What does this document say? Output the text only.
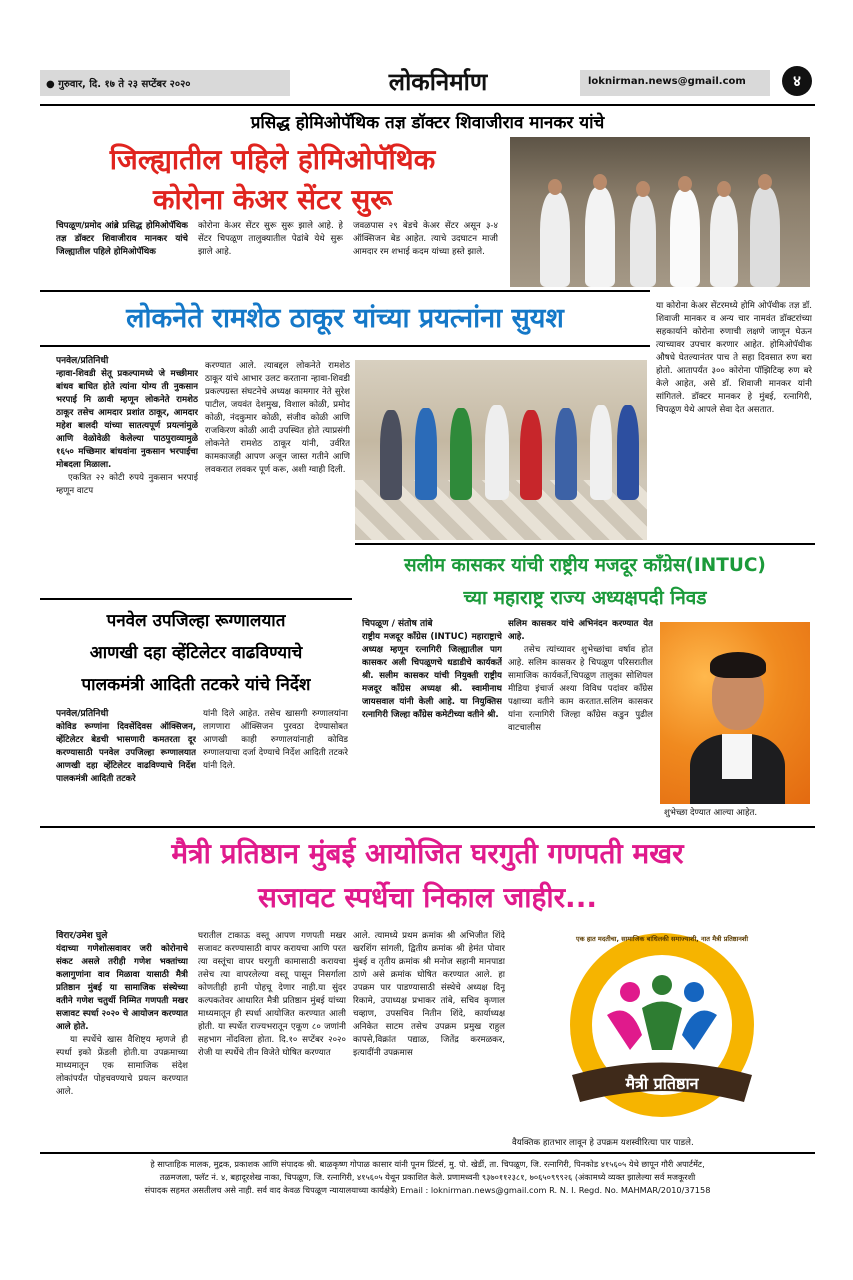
● गुरुवार, दि. १७ ते २३ सप्टेंबर २०२०	लोकनिर्माण	loknirman.news@gmail.com	४
प्रसिद्ध होमिओपॅथिक तज्ञ डॉक्टर शिवाजीराव मानकर यांचे
जिल्ह्यातील पहिले होमिओपॅथिक
कोरोना केअर सेंटर सुरू
चिपळूण/प्रमोद आंब्रे प्रसिद्ध होमिओपॅथिक तज्ञ डॉक्टर शिवाजीराव मानकर यांचे जिल्ह्यातील पहिले होमिओपॅथिक
कोरोना केअर सेंटर सुरू सुरू झाले आहे. हे सेंटर चिपळूण तालुक्यातील पेढांबे येथे सुरू झाले आहे.
जवळपास २९ बेडचे केअर सेंटर असून ३-४ ऑक्सिजन बेड आहेत. त्याचे उदघाटन माजी आमदार रम शभाई कदम यांच्या हस्ते झाले.
या कोरोना केअर सेंटरमध्ये होमि ओपॅथीक तज्ञ डॉ. शिवाजी मानकर व अन्य चार नामवंत डॉक्टरांच्या सहकार्याने कोरोना रुणाची लक्षणे जाणून घेऊन त्याच्यावर उपचार करणार आहेत. होमिओपॅथीक औषधे घेतल्यानंतर पाच ते सहा दिवसात रुण बरा होतो. आतापर्यंत ३०० कोरोना पॉझिटिव्ह रुण बरे केले आहेत, असे डॉ. शिवाजी मानकर यांनी सांगितले. डॉक्टर मानकर हे मुंबई, रत्नागिरी, चिपळूण येथे आपले सेवा देत असतात.
लोकनेते रामशेठ ठाकूर यांच्या प्रयत्नांना सुयश
पनवेल/प्रतिनिधी
न्हावा-शिवडी सेतू प्रकल्पामध्ये जे मच्छीमार बांधव बाधित होते त्यांना योग्य ती नुकसान भरपाई मि ळावी म्हणून लोकनेते रामशेठ ठाकूर तसेच आमदार प्रशांत ठाकूर, आमदार महेश बालदी यांच्या सातत्यपूर्ण प्रयत्नांमुळे आणि वेळोवेळी केलेल्या पाठपुराव्यामुळे १६५० मच्छिमार बांधवांना नुकसान भरपाईचा मोबदला मिळाला.
एकत्रित २२ कोटी रुपये नुकसान भरपाई म्हणून वाटप
करण्यात आले. त्याबद्दल लोकनेते रामशेठ ठाकूर यांचे आभार उलट करताना न्हावा-शिवडी प्रकल्पग्रस्त संघटनेचे अध्यक्ष कामगार नेते सुरेश पाटील, जयवंत देशमुख, विशाल कोळी, प्रमोद कोळी, नंदकुमार कोळी, संजीव कोळी आणि राजकिरण कोळी आदी उपस्थित होते त्याप्रसंगी लोकनेते रामशेठ ठाकूर यांनी, उर्वरित कामकाजही आपण अजून जास्त गतीने आणि लवकरात लवकर पूर्ण करू, अशी ग्वाही दिली.
सलीम कासकर यांची राष्ट्रीय मजदूर कॉंग्रेस(INTUC)
च्या महाराष्ट्र राज्य अध्यक्षपदी निवड
चिपळूण / संतोष तांबे
राष्ट्रीय मजदूर कॉंग्रेस (INTUC) महाराष्ट्राचे अध्यक्ष म्हणून रत्नागिरी जिल्ह्यातील पाग कासकर अली चिपळूणचे धडाडीचे कार्यकर्ते श्री. सलीम कासकर यांची नियुक्ती राष्ट्रीय मजदूर कॉंग्रेस अध्यक्ष श्री. स्वामीनाथ जायसवाल यांनी केली आहे. या नियुक्तिस रत्नागिरी जिल्हा कॉंग्रेस कमेटीच्या वतीने श्री.
सलिम कासकर यांचे अभिनंदन करण्यात येत आहे.
तसेच त्यांच्यावर शुभेच्छांचा वर्षाव होत आहे. सलिम कासकर हे चिपळूण परिसरातील सामाजिक कार्यकर्ते,चिपळूण तालुका सोशियल मीडिया इंचार्ज अश्या विविध पदांवर कॉंग्रेस पक्षाच्या वतीने काम करतात.सलिम कासकर यांना रत्नागिरी जिल्हा कॉंग्रेस कडुन पुढील वाटचालीस
शुभेच्छा देण्यात आल्या आहेत.
पनवेल उपजिल्हा रूग्णालयात
आणखी दहा व्हेंटिलेटर वाढविण्याचे
पालकमंत्री आदिती तटकरे यांचे निर्देश
पनवेल/प्रतिनिधी
कोविड रूग्णांना दिवसेंदिवस ऑक्सिजन, व्हेंटिलेटर बेडची भासणारी कमतरता दूर करण्यासाठी पनवेल उपजिल्हा रूग्णालयात आणखी दहा व्हेंटिलेटर वाढविण्याचे निर्देश पालकमंत्री आदिती तटकरे
यांनी दिले आहेत. तसेच खासगी रुग्णालयांना लागणारा ऑक्सिजन पुरवठा देण्यासोबत आणखी काही रुग्णालयांनाही कोविड रुग्णालयाचा दर्जा देण्याचे निर्देश आदिती तटकरे यांनी दिले.
मैत्री प्रतिष्ठान मुंबई आयोजित घरगुती गणपती मखर
सजावट स्पर्धेचा निकाल जाहीर...
विरार/उमेश घुले
यंदाच्या गणेशोत्सवावर जरी कोरोनाचे संकट असले तरीही गणेश भक्तांच्या कलागुणांना वाव मिळावा यासाठी मैत्री प्रतिष्ठान मुंबई या सामाजिक संस्थेच्या वतीने गणेश चतुर्थी निम्मित गणपती मखर सजावट स्पर्धा २०२० चे आयोजन करण्यात आले होते.
या स्पर्धेचे खास वैशिष्ट्य म्हणजे ही स्पर्धा इको फ्रेंडली होती.या उपक्रमाच्या माध्यमातून एक सामाजिक संदेश लोकांपर्यंत पोहचवण्याचे प्रयत्न करण्यात आले.
घरातील टाकाऊ वस्तू आपण गणपती मखर सजावट करण्यासाठी वापर करायचा आणि परत त्या वस्तूंचा वापर घरगुती कामासाठी करायचा तसेच त्या वापरलेल्या वस्तू पासून निसर्गाला कोणतीही हानी पोहचू देणार नाही.या सुंदर कल्पकतेवर आधारित मैत्री प्रतिष्ठान मुंबई यांच्या माध्यमातून ही स्पर्धा आयोजित करण्यात आली होती. या स्पर्धेत राज्यभरातून एकूण ८० जणांनी सहभाग नोंदविला होता. दि.१० सप्टेंबर २०२० रोजी या स्पर्धेचे तीन विजेते घोषित करण्यात
आले. त्यामध्ये प्रथम क्रमांक श्री अभिजीत शिंदे खरशिंग सांगली, द्वितीय क्रमांक श्री हेमंत पोवार मुंबई व तृतीय क्रमांक श्री मनोज सहानी मानपाडा ठाणे असे क्रमांक घोषित करण्यात आले. हा उपक्रम पार पाडण्यासाठी संस्थेचे अध्यक्ष दिनू रिकामे, उपाध्यक्ष प्रभाकर तांबे, सचिव कृणाल चव्हाण, उपसचिव नितीन शिंदे, कार्याध्यक्ष अनिकेत साटम तसेच उपक्रम प्रमुख राहुल कापसे,विक्रांत पद्याळ, जितेंद्र करमळकर, इत्यादींनी उपक्रमास
एक हात मदतीचा, सामाजिक बांधिलकी समाज्याशी, नात मैत्री प्रतिष्ठानशी
मैत्री प्रतिष्ठान
वैयक्तिक हातभार लावून हे उपक्रम यशस्वीरित्या पार पाडले.
हे साप्ताहिक मालक, मुद्रक, प्रकाशक आणि संपादक श्री. बाळकृष्ण गोपाळ कासार यांनी पूनम प्रिंटर्स, मु. पो. खेर्डी, ता. चिपळूण, जि. रत्नागिरी, पिनकोड ४१५६०५ येथे छापून गौरी अपार्टमेंट,
तळमजला, फ्लॅट नं. ४, बहादूरशेख नाका, चिपळूण, जि. रत्नागिरी, ४१५६०५ येथून प्रकाशित केले. प्रणामध्वनी ९३७०११२३८१, ७०६५०९९९२६ (अंकामध्ये व्यक्त झालेल्या सर्व मजकूरशी
संपादक सहमत असतीलच असे नाही. सर्व वाद केवळ चिपळूण न्यायालयाच्या कार्यक्षेत्रे) Email : loknirman.news@gmail.com R. N. I. Regd. No. MAHMAR/2010/37158
